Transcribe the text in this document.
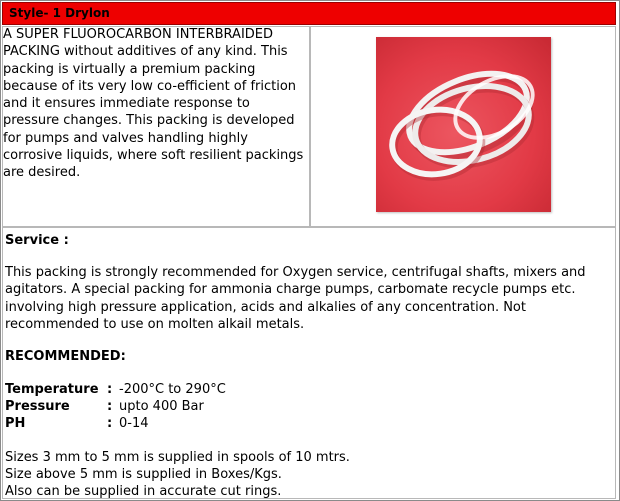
Style- 1 Drylon

A SUPER FLUOROCARBON INTERBRAIDED PACKING without additives of any kind. This packing is virtually a premium packing because of its very low co-efficient of friction and it ensures immediate response to pressure changes. This packing is developed for pumps and valves handling highly corrosive liquids, where soft resilient packings are desired.

Service :

This packing is strongly recommended for Oxygen service, centrifugal shafts, mixers and agitators. A special packing for ammonia charge pumps, carbomate recycle pumps etc. involving high pressure application, acids and alkalies of any concentration. Not recommended to use on molten alkail metals.

RECOMMENDED:

Temperature : -200°C to 290°C
Pressure	: upto 400 Bar
PH	: 0-14

Sizes 3 mm to 5 mm is supplied in spools of 10 mtrs.

Size above 5 mm is supplied in Boxes/Kgs.

Also can be supplied in accurate cut rings.
